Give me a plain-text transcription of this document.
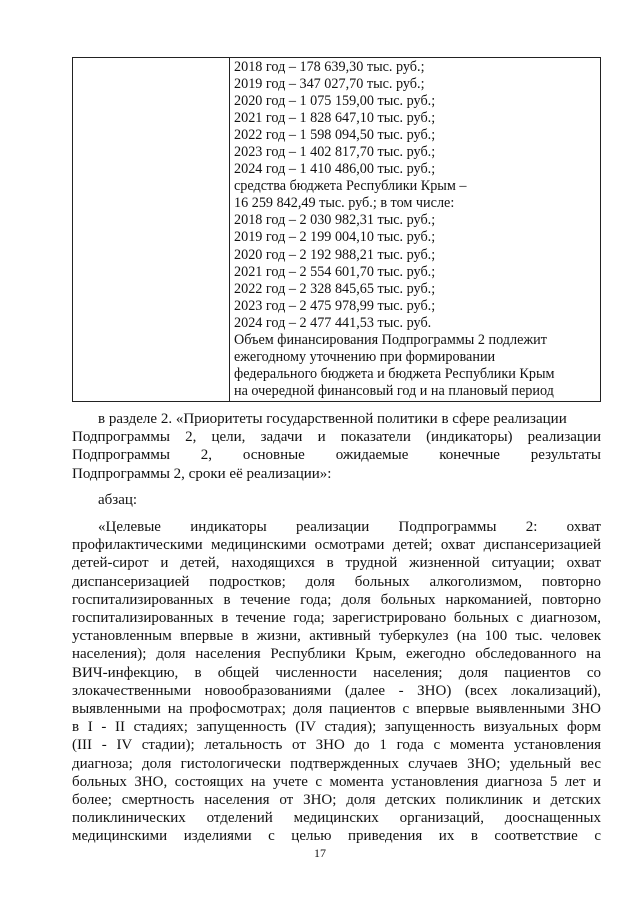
2018 год – 178 639,30 тыс. руб.;
2019 год – 347 027,70 тыс. руб.;
2020 год – 1 075 159,00 тыс. руб.;
2021 год – 1 828 647,10 тыс. руб.;
2022 год – 1 598 094,50 тыс. руб.;
2023 год – 1 402 817,70 тыс. руб.;
2024 год – 1 410 486,00 тыс. руб.;
средства бюджета Республики Крым –
16 259 842,49 тыс. руб.; в том числе:
2018 год – 2 030 982,31 тыс. руб.;
2019 год – 2 199 004,10 тыс. руб.;
2020 год – 2 192 988,21 тыс. руб.;
2021 год – 2 554 601,70 тыс. руб.;
2022 год – 2 328 845,65 тыс. руб.;
2023 год – 2 475 978,99 тыс. руб.;
2024 год – 2 477 441,53 тыс. руб.
Объем финансирования Подпрограммы 2 подлежит
ежегодному уточнению при формировании
федерального бюджета и бюджета Республики Крым
на очередной финансовый год и на плановый период
в разделе 2. «Приоритеты государственной политики в сфере реализации
Подпрограммы 2, цели, задачи и показатели (индикаторы) реализации
Подпрограммы 2, основные ожидаемые конечные результаты
Подпрограммы 2, сроки её реализации»:
абзац:
«Целевые индикаторы реализации Подпрограммы 2: охват
профилактическими медицинскими осмотрами детей; охват диспансеризацией
детей-сирот и детей, находящихся в трудной жизненной ситуации; охват
диспансеризацией подростков; доля больных алкоголизмом, повторно
госпитализированных в течение года; доля больных наркоманией, повторно
госпитализированных в течение года; зарегистрировано больных с диагнозом,
установленным впервые в жизни, активный туберкулез (на 100 тыс. человек
населения); доля населения Республики Крым, ежегодно обследованного на
ВИЧ-инфекцию, в общей численности населения; доля пациентов со
злокачественными новообразованиями (далее - ЗНО) (всех локализаций),
выявленными на профосмотрах; доля пациентов с впервые выявленными ЗНО
в I - II стадиях; запущенность (IV стадия); запущенность визуальных форм
(III - IV стадии); летальность от ЗНО до 1 года с момента установления
диагноза; доля гистологически подтвержденных случаев ЗНО; удельный вес
больных ЗНО, состоящих на учете с момента установления диагноза 5 лет и
более; смертность населения от ЗНО; доля детских поликлиник и детских
поликлинических отделений медицинских организаций, дооснащенных
медицинскими изделиями с целью приведения их в соответствие с
17
